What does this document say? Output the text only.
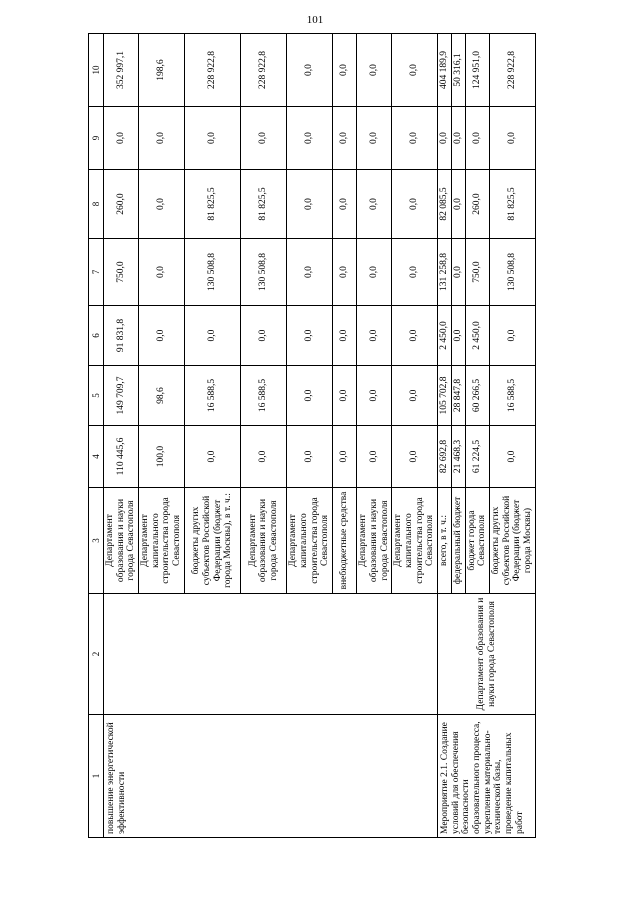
101
1	2	3	4	5	6	7	8	9	10
повышение энергетической эффективности		Департамент образования и науки города Севастополя	110 445,6	149 709,7	91 831,8	750,0	260,0	0,0	352 997,1
		Департамент капитального строительства города Севастополя	100,0	98,6	0,0	0,0	0,0	0,0	198,6
		бюджеты других субъектов Российской Федерации (бюджет города Москвы), в т. ч.:	0,0	16 588,5	0,0	130 508,8	81 825,5	0,0	228 922,8
		Департамент образования и науки города Севастополя	0,0	16 588,5	0,0	130 508,8	81 825,5	0,0	228 922,8
		Департамент капитального строительства города Севастополя	0,0	0,0	0,0	0,0	0,0	0,0	0,0
		внебюджетные средства	0,0	0,0	0,0	0,0	0,0	0,0	0,0
		Департамент образования и науки города Севастополя	0,0	0,0	0,0	0,0	0,0	0,0	0,0
		Департамент капитального строительства города Севастополя	0,0	0,0	0,0	0,0	0,0	0,0	0,0
Мероприятие 2.1. Создание условий для обеспечения безопасности образовательного процесса, укрепление материально-технической базы, проведение капитальных работ	Департамент образования и науки города Севастополя	всего, в т. ч.:	82 692,8	105 702,8	2 450,0	131 258,8	82 085,5	0,0	404 189,9
		федеральный бюджет	21 468,3	28 847,8	0,0	0,0	0,0	0,0	50 316,1
		бюджет города Севастополя	61 224,5	60 266,5	2 450,0	750,0	260,0	0,0	124 951,0
		бюджеты других субъектов Российской Федерации (бюджет города Москвы)	0,0	16 588,5	0,0	130 508,8	81 825,5	0,0	228 922,8
